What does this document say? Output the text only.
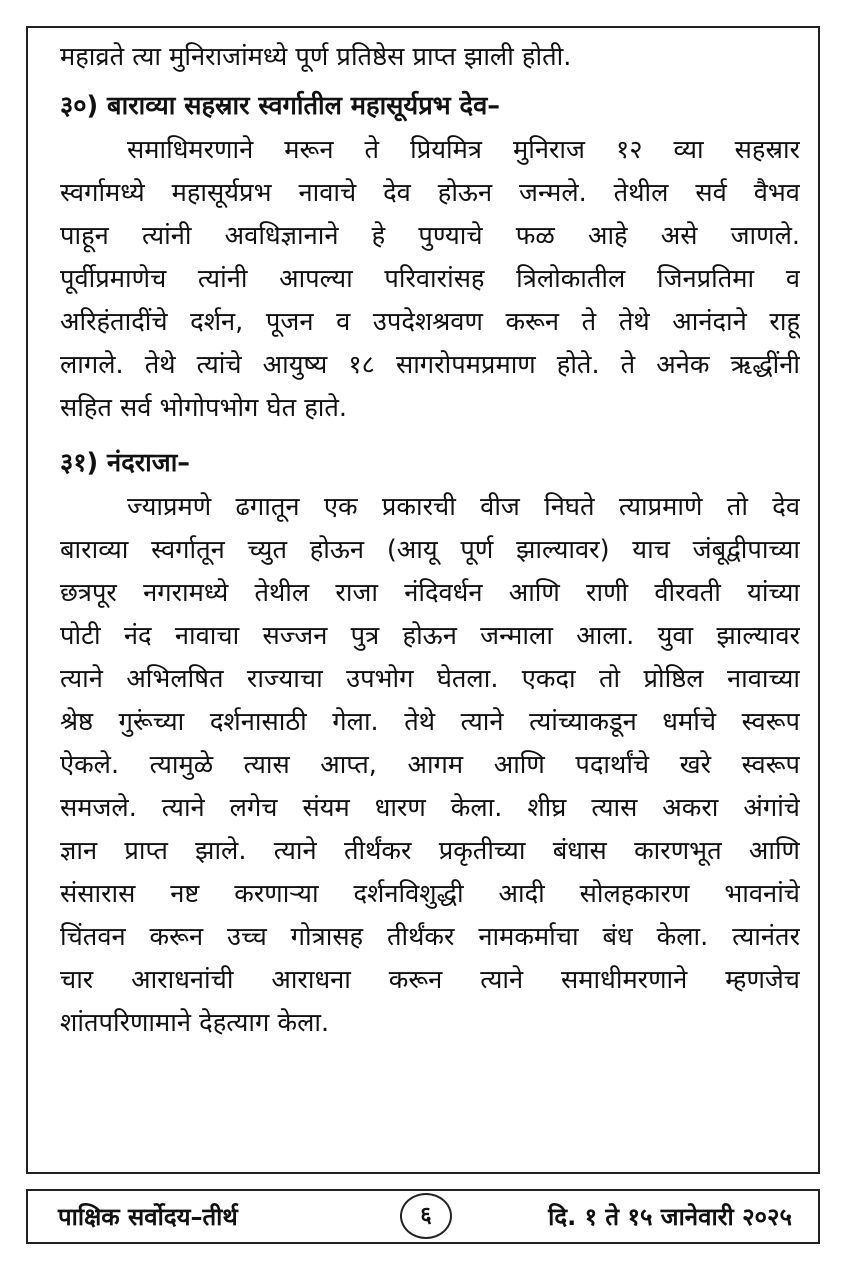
महाव्रते त्या मुनिराजांमध्ये पूर्ण प्रतिष्ठेस प्राप्त झाली होती.
३०) बाराव्या सहस्रार स्वर्गातील महासूर्यप्रभ देव–
समाधिमरणाने मरून ते प्रियमित्र मुनिराज १२ व्या सहस्रार
स्वर्गामध्ये महासूर्यप्रभ नावाचे देव होऊन जन्मले. तेथील सर्व वैभव
पाहून त्यांनी अवधिज्ञानाने हे पुण्याचे फळ आहे असे जाणले.
पूर्वीप्रमाणेच त्यांनी आपल्या परिवारांसह त्रिलोकातील जिनप्रतिमा व
अरिहंतादींचे दर्शन, पूजन व उपदेशश्रवण करून ते तेथे आनंदाने राहू
लागले. तेथे त्यांचे आयुष्य १८ सागरोपमप्रमाण होते. ते अनेक ऋद्धींनी
सहित सर्व भोगोपभोग घेत हाते.
३१) नंदराजा–
ज्याप्रमणे ढगातून एक प्रकारची वीज निघते त्याप्रमाणे तो देव
बाराव्या स्वर्गातून च्युत होऊन (आयू पूर्ण झाल्यावर) याच जंबूद्वीपाच्या
छत्रपूर नगरामध्ये तेथील राजा नंदिवर्धन आणि राणी वीरवती यांच्या
पोटी नंद नावाचा सज्जन पुत्र होऊन जन्माला आला. युवा झाल्यावर
त्याने अभिलषित राज्याचा उपभोग घेतला. एकदा तो प्रोष्ठिल नावाच्या
श्रेष्ठ गुरूंच्या दर्शनासाठी गेला. तेथे त्याने त्यांच्याकडून धर्माचे स्वरूप
ऐकले. त्यामुळे त्यास आप्त, आगम आणि पदार्थांचे खरे स्वरूप
समजले. त्याने लगेच संयम धारण केला. शीघ्र त्यास अकरा अंगांचे
ज्ञान प्राप्त झाले. त्याने तीर्थंकर प्रकृतीच्या बंधास कारणभूत आणि
संसारास नष्ट करणाऱ्या दर्शनविशुद्धी आदी सोलहकारण भावनांचे
चिंतवन करून उच्च गोत्रासह तीर्थंकर नामकर्माचा बंध केला. त्यानंतर
चार आराधनांची आराधना करून त्याने समाधीमरणाने म्हणजेच
शांतपरिणामाने देहत्याग केला.
पाक्षिक सर्वोदय–तीर्थ	६	दि. १ ते १५ जानेवारी २०२५
